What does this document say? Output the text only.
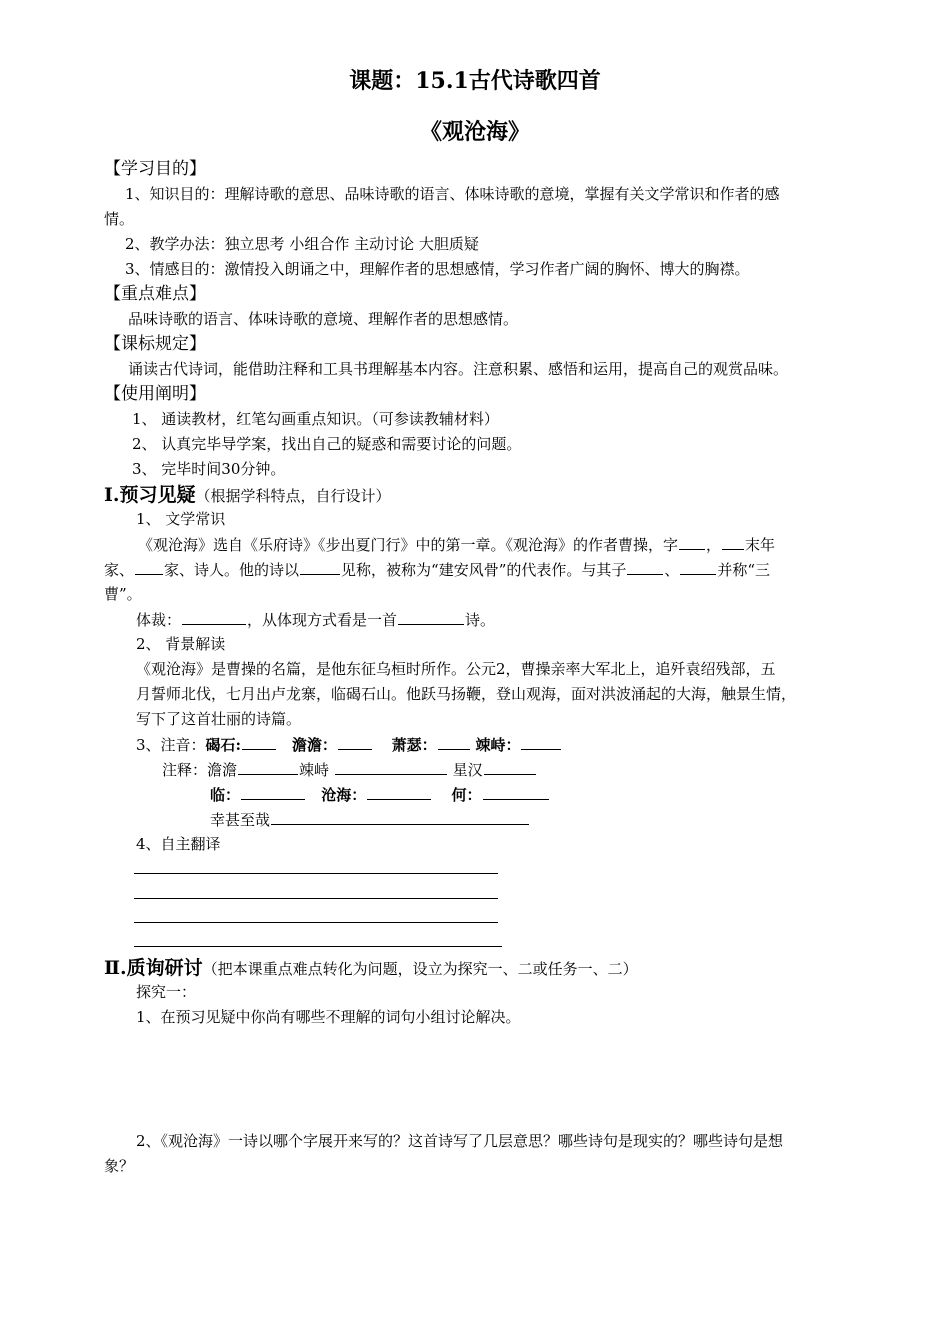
课题：15.1古代诗歌四首
《观沧海》
【学习目的】
1、知识目的：理解诗歌的意思、品味诗歌的语言、体味诗歌的意境，掌握有关文学常识和作者的感
情。
2、教学办法：独立思考 小组合作 主动讨论 大胆质疑
3、情感目的：激情投入朗诵之中，理解作者的思想感情，学习作者广阔的胸怀、博大的胸襟。
【重点难点】
品味诗歌的语言、体味诗歌的意境、理解作者的思想感情。
【课标规定】
诵读古代诗词，能借助注释和工具书理解基本内容。注意积累、感悟和运用，提高自己的观赏品味。
【使用阐明】
1、 通读教材，红笔勾画重点知识。（可参读教辅材料）
2、 认真完毕导学案，找出自己的疑惑和需要讨论的问题。
3、 完毕时间30分钟。
Ⅰ.预习见疑（根据学科特点，自行设计）
1、 文学常识
《观沧海》选自《乐府诗》《步出夏门行》中的第一章。《观沧海》的作者曹操，字 ， 末年
家、 家、诗人。他的诗以	见称，被称为“建安风骨”的代表作。与其子	、	并称“三
曹”。
体裁：	，从体现方式看是一首	诗。
2、 背景解读
《观沧海》是曹操的名篇，是他东征乌桓时所作。公元2，曹操亲率大军北上，追歼袁绍残部，五
月誓师北伐，七月出卢龙寨，临碣石山。他跃马扬鞭，登山观海，面对洪波涌起的大海，触景生情，
写下了这首壮丽的诗篇。
3、注音：碣石:	澹澹：	萧瑟：	竦峙：
注释：澹澹	竦峙	星汉
临：	沧海：	何：
幸甚至哉
4、自主翻译
Ⅱ.质询研讨（把本课重点难点转化为问题，设立为探究一、二或任务一、二）
探究一：
1、在预习见疑中你尚有哪些不理解的词句小组讨论解决。
2、《观沧海》一诗以哪个字展开来写的？这首诗写了几层意思？哪些诗句是现实的？哪些诗句是想
象？
